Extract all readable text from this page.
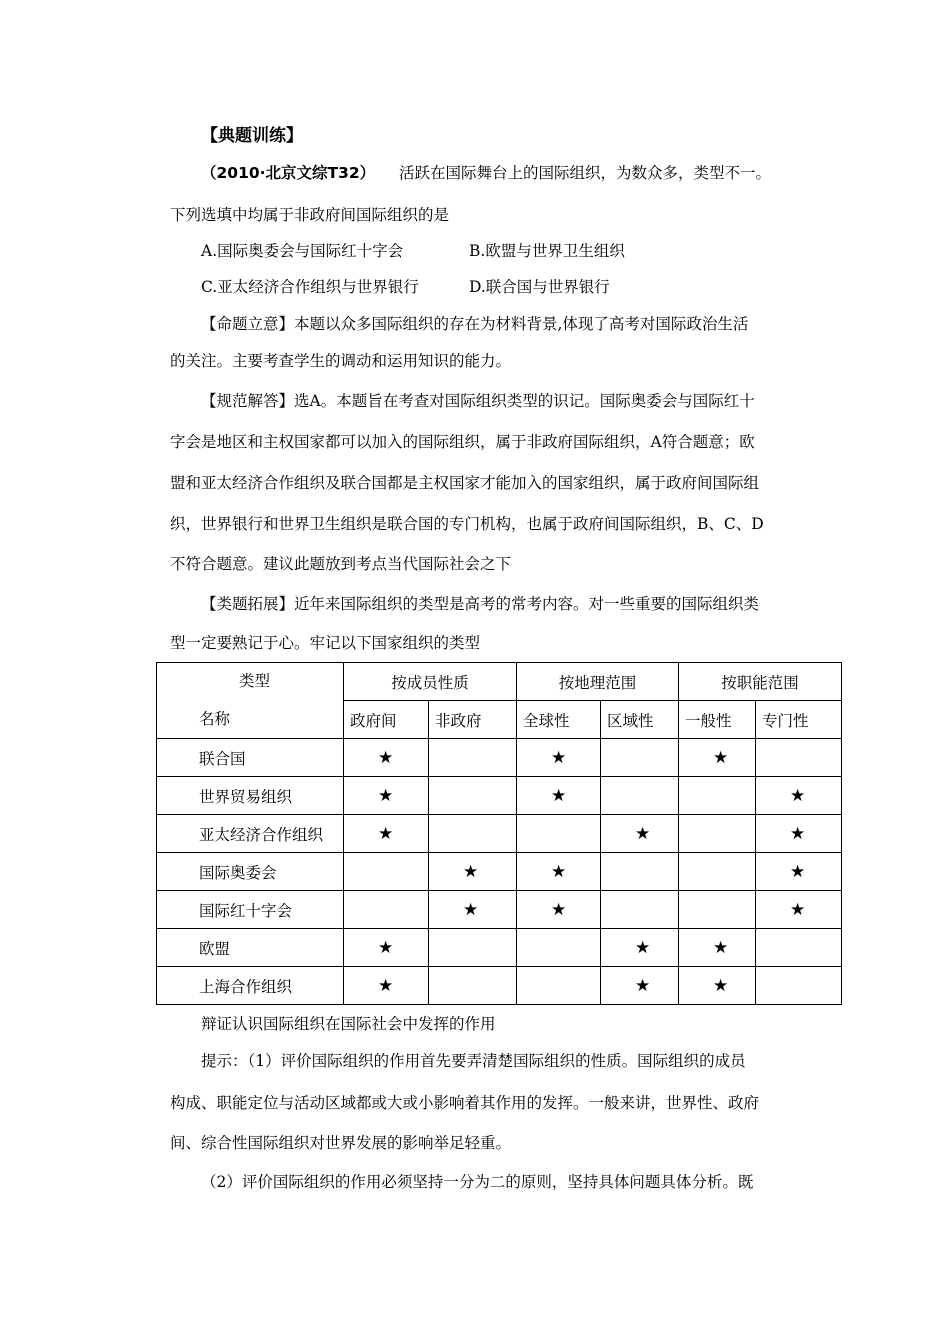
【典题训练】
（2010·北京文综T32） 活跃在国际舞台上的国际组织，为数众多，类型不一。
下列选填中均属于非政府间国际组织的是
A.国际奥委会与国际红十字会	B.欧盟与世界卫生组织
C.亚太经济合作组织与世界银行	D.联合国与世界银行
【命题立意】本题以众多国际组织的存在为材料背景,体现了高考对国际政治生活
的关注。主要考查学生的调动和运用知识的能力。
【规范解答】选A。本题旨在考查对国际组织类型的识记。国际奥委会与国际红十
字会是地区和主权国家都可以加入的国际组织，属于非政府国际组织，A符合题意；欧
盟和亚太经济合作组织及联合国都是主权国家才能加入的国家组织，属于政府间国际组
织，世界银行和世界卫生组织是联合国的专门机构，也属于政府间国际组织，B、C、D
不符合题意。建议此题放到考点当代国际社会之下
【类题拓展】近年来国际组织的类型是高考的常考内容。对一些重要的国际组织类
型一定要熟记于心。牢记以下国家组织的类型
类型
名称	按成员性质		按地理范围		按职能范围	
	政府间	非政府	全球性	区域性	一般性	专门性
联合国	★		★		★	
世界贸易组织	★		★			★
亚太经济合作组织	★			★		★
国际奥委会		★	★			★
国际红十字会		★	★			★
欧盟	★			★	★	
上海合作组织	★			★	★	
辩证认识国际组织在国际社会中发挥的作用
提示：（1）评价国际组织的作用首先要弄清楚国际组织的性质。国际组织的成员
构成、职能定位与活动区域都或大或小影响着其作用的发挥。一般来讲，世界性、政府
间、综合性国际组织对世界发展的影响举足轻重。
（2）评价国际组织的作用必须坚持一分为二的原则，坚持具体问题具体分析。既
